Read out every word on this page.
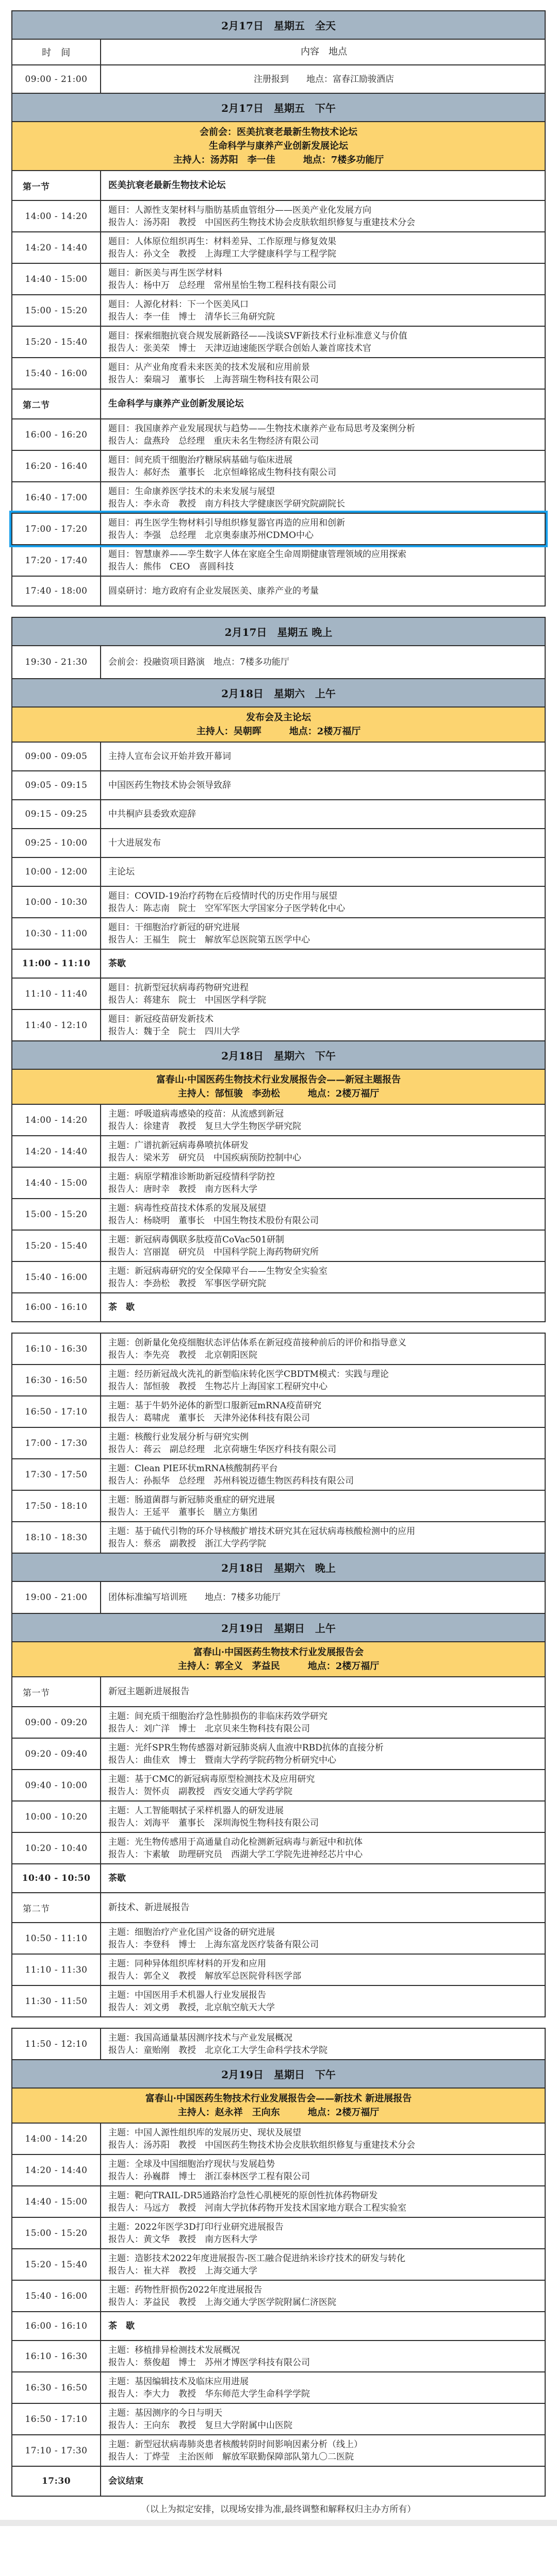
2月17日　星期五　全天
时　间	内容　地点
09:00 - 21:00	注册报到　　地点：富春江励骏酒店
2月17日　星期五　下午
会前会：医美抗衰老最新生物技术论坛
生命科学与康养产业创新发展论坛
主持人：汤苏阳　李一佳　　　地点：7楼多功能厅
第一节	医美抗衰老最新生物技术论坛
14:00 - 14:20
题目：人源性支架材料与脂肪基质血管组分——医美产业化发展方向
报告人：汤苏阳　教授　中国医药生物技术协会皮肤软组织修复与重建技术分会
14:20 - 14:40
题目：人体原位组织再生：材料差异、工作原理与修复效果
报告人：孙文全　教授　上海理工大学健康科学与工程学院
14:40 - 15:00
题目：新医美与再生医学材料
报告人：杨中万　总经理　常州星怡生物工程科技有限公司
15:00 - 15:20
题目：人源化材料：下一个医美风口
报告人：李一佳　博士　清华长三角研究院
15:20 - 15:40
题目：探索细胞抗衰合规发展新路径——浅谈SVF新技术行业标准意义与价值
报告人：张美荣　博士　天津迈迪速能医学联合创始人兼首席技术官
15:40 - 16:00
题目：从产业角度看未来医美的技术发展和应用前景
报告人：秦瑞习　董事长　上海菩瑞生物科技有限公司
第二节	生命科学与康养产业创新发展论坛
16:00 - 16:20
题目：我国康养产业发展现状与趋势——生物技术康养产业布局思考及案例分析
报告人：盘燕玲　总经理　重庆未名生物经济有限公司
16:20 - 16:40
题目：间充质干细胞治疗糖尿病基础与临床进展
报告人：郝好杰　董事长　北京恒峰铭成生物科技有限公司
16:40 - 17:00
题目：生命康养医学技术的未来发展与展望
报告人：李永奇　教授　南方科技大学健康医学研究院副院长
17:00 - 17:20
题目：再生医学生物材料引导组织修复器官再造的应用和创新
报告人：李强　总经理　北京奥泰康苏州CDMO中心
17:20 - 17:40
题目：智慧康养——孪生数字人体在家庭全生命周期健康管理领域的应用探索
报告人：熊伟　CEO　喜圆科技
17:40 - 18:00 圆桌研讨：地方政府有企业发展医美、康养产业的考量
2月17日　星期五 晚上
19:30 - 21:30 会前会：投融资项目路演　地点：7楼多功能厅
2月18日　星期六　上午
发布会及主论坛
主持人：吴朝晖　　　地点：2楼万福厅
09:00 - 09:05 主持人宣布会议开始并致开幕词
09:05 - 09:15 中国医药生物技术协会领导致辞
09:15 - 09:25 中共桐庐县委致欢迎辞
09:25 - 10:00 十大进展发布
10:00 - 12:00 主论坛
10:00 - 10:30
题目：COVID-19治疗药物在后疫情时代的历史作用与展望
报告人：陈志南　院士　空军军医大学国家分子医学转化中心
10:30 - 11:00
题目：干细胞治疗新冠的研究进展
报告人：王福生　院士　解放军总医院第五医学中心
11:00 - 11:10 茶歇
11:10 - 11:40
题目：抗新型冠状病毒药物研究进程
报告人：蒋建东　院士　中国医学科学院
11:40 - 12:10
题目：新冠疫苗研发新技术
报告人：魏于全　院士　四川大学
2月18日　星期六　下午
富春山·中国医药生物技术行业发展报告会——新冠主题报告
主持人：郜恒骏　李劲松　　　地点：2楼万福厅
14:00 - 14:20
主题：呼吸道病毒感染的疫苗：从流感到新冠
报告人：徐建青　教授　复旦大学生物医学研究院
14:20 - 14:40
主题：广谱抗新冠病毒鼻喷抗体研发
报告人：梁米芳　研究员　中国疾病预防控制中心
14:40 - 15:00
主题：病原学精准诊断助新冠疫情科学防控
报告人：唐时幸　教授　南方医科大学
15:00 - 15:20
主题：病毒性疫苗技术体系的发展及展望
报告人：杨晓明　董事长　中国生物技术股份有限公司
15:20 - 15:40
主题：新冠病毒偶联多肽疫苗CoVac501研制
报告人：宫丽崑　研究员　中国科学院上海药物研究所
15:40 - 16:00
主题：新冠病毒研究的安全保障平台——生物安全实验室
报告人：李劲松　教授　军事医学研究院
16:00 - 16:10 茶　歇
16:10 - 16:30
主题：创新量化免疫细胞状态评估体系在新冠疫苗接种前后的评价和指导意义
报告人：李先亮　教授　北京朝阳医院
16:30 - 16:50
主题：经历新冠战火洗礼的新型临床转化医学CBDTM模式：实践与理论
报告人：郜恒骏　教授　生物芯片上海国家工程研究中心
16:50 - 17:10
主题：基于牛奶外泌体的新型口服新冠mRNA疫苗研究
报告人：葛啸虎　董事长　天津外泌体科技有限公司
17:00 - 17:30
主题：核酸行业发展分析与研究实例
报告人：蒋云　副总经理　北京荷塘生华医疗科技有限公司
17:30 - 17:50
主题：Clean PIE环状mRNA核酸制药平台
报告人：孙振华　总经理　苏州科锐迈德生物医药科技有限公司
17:50 - 18:10
主题：肠道菌群与新冠肺炎重症的研究进展
报告人：王延平　董事长　膳立方集团
18:10 - 18:30
主题：基于硫代引物的环介导核酸扩增技术研究其在冠状病毒核酸检测中的应用
报告人：蔡丞　副教授　浙江大学药学院
2月18日　星期六　晚上
19:00 - 21:00 团体标准编写培训班　　地点：7楼多功能厅
2月19日　星期日　上午
富春山·中国医药生物技术行业发展报告会
主持人：郭全义　茅益民　　　地点：2楼万福厅
第一节	新冠主题新进展报告
09:00 - 09:20
主题：间充质干细胞治疗急性肺损伤的非临床药效学研究
报告人：刘广洋　博士　北京贝来生物科技有限公司
09:20 - 09:40
主题：光纤SPR生物传感器对新冠肺炎病人血液中RBD抗体的直接分析
报告人：曲佳欢　博士　暨南大学药学院药物分析研究中心
09:40 - 10:00
主题：基于CMC的新冠病毒原型检测技术及应用研究
报告人：贺怀贞　副教授　西安交通大学药学院
10:00 - 10:20
主题：人工智能咽拭子采样机器人的研发进展
报告人：刘海平　董事长　深圳海悦生物科技有限公司
10:20 - 10:40
主题：光生物传感用于高通量自动化检测新冠病毒与新冠中和抗体
报告人：卞素敏　助理研究员　西湖大学工学院先进神经芯片中心
10:40 - 10:50 茶歇
第二节	新技术、新进展报告
10:50 - 11:10
主题：细胞治疗产业化国产设备的研究进展
报告人：李登科　博士　上海东富龙医疗装备有限公司
11:10 - 11:30
主题：同种异体组织库材料的开发和应用
报告人：郭全义　教授　解放军总医院骨科医学部
11:30 - 11:50
主题：中国医用手术机器人行业发展报告
报告人：刘文勇　教授，北京航空航天大学
11:50 - 12:10
主题：我国高通量基因测序技术与产业发展概况
报告人：童贻刚　教授　北京化工大学生命科学技术学院
2月19日　星期日　下午
富春山·中国医药生物技术行业发展报告会——新技术 新进展报告
主持人：赵永祥　王向东　　　地点：2楼万福厅
14:00 - 14:20
主题：中国人源性组织库的发展历史、现状及展望
报告人：汤苏阳　教授　中国医药生物技术协会皮肤软组织修复与重建技术分会
14:20 - 14:40
主题：全球及中国细胞治疗现状与发展趋势
报告人：孙巍群　博士　浙江泰林医学工程有限公司
14:40 - 15:00
主题：靶向TRAIL-DR5通路治疗急性心肌梗死的原创性抗体药物研发
报告人：马远方　教授　河南大学抗体药物开发技术国家地方联合工程实验室
15:00 - 15:20
主题：2022年医学3D打印行业研究进展报告
报告人：黄文华　教授　南方医科大学
15:20 - 15:40
主题：造影技术2022年度进展报告-医工融合促进纳米诊疗技术的研发与转化
报告人：崔大祥　教授　上海交通大学
15:40 - 16:00
主题：药物性肝损伤2022年度进展报告
报告人：茅益民　教授　上海交通大学医学院附属仁济医院
16:00 - 16:10 茶　歇
16:10 - 16:30
主题：移植排异检测技术发展概况
报告人：蔡俊超　博士　苏州才博医学科技有限公司
16:30 - 16:50
主题：基因编辑技术及临床应用进展
报告人：李大力　教授　华东师范大学生命科学学院
16:50 - 17:10
主题：基因测序的今日与明天
报告人：王向东　教授　复旦大学附属中山医院
17:10 - 17:30
主题：新型冠状病毒肺炎患者核酸转阴时间影响因素分析（线上）
报告人：丁烨莹　主治医师　解放军联勤保障部队第九〇二医院
17:30	会议结束
（以上为拟定安排，以现场安排为准,最终调整和解释权归主办方所有）
